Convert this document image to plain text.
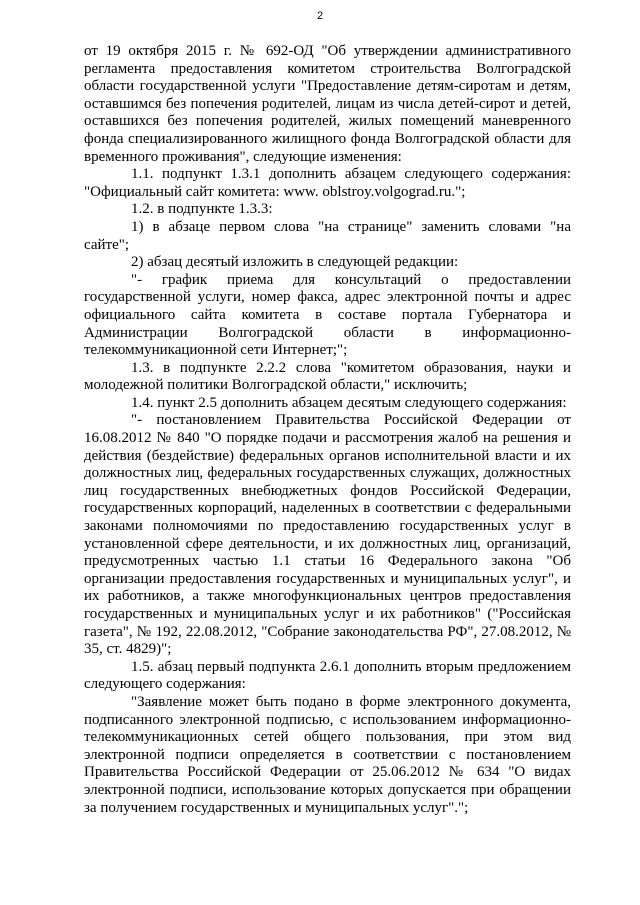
2

от 19 октября 2015 г. № 692-ОД "Об утверждении административного регламента предоставления комитетом строительства Волгоградской области государственной услуги "Предоставление детям-сиротам и детям, оставшимся без попечения родителей, лицам из числа детей-сирот и детей, оставшихся без попечения родителей, жилых помещений маневренного фонда специализированного жилищного фонда Волгоградской области для временного проживания", следующие изменения:

1.1. подпункт 1.3.1 дополнить абзацем следующего содержания: "Официальный сайт комитета: www. oblstroy.volgograd.ru.";

1.2. в подпункте 1.3.3:

1) в абзаце первом слова "на странице" заменить словами "на сайте";

2) абзац десятый изложить в следующей редакции:

"- график приема для консультаций о предоставлении государственной услуги, номер факса, адрес электронной почты и адрес официального сайта комитета в составе портала Губернатора и Администрации Волгоградской области в информационно-телекоммуникационной сети Интернет;";

1.3. в подпункте 2.2.2 слова "комитетом образования, науки и молодежной политики Волгоградской области," исключить;

1.4. пункт 2.5 дополнить абзацем десятым следующего содержания:

"- постановлением Правительства Российской Федерации от 16.08.2012 № 840 "О порядке подачи и рассмотрения жалоб на решения и действия (бездействие) федеральных органов исполнительной власти и их должностных лиц, федеральных государственных служащих, должностных лиц государственных внебюджетных фондов Российской Федерации, государственных корпораций, наделенных в соответствии с федеральными законами полномочиями по предоставлению государственных услуг в установленной сфере деятельности, и их должностных лиц, организаций, предусмотренных частью 1.1 статьи 16 Федерального закона "Об организации предоставления государственных и муниципальных услуг", и их работников, а также многофункциональных центров предоставления государственных и муниципальных услуг и их работников" ("Российская газета", № 192, 22.08.2012, "Собрание законодательства РФ", 27.08.2012, № 35, ст. 4829)";

1.5. абзац первый подпункта 2.6.1 дополнить вторым предложением следующего содержания:

"Заявление может быть подано в форме электронного документа, подписанного электронной подписью, с использованием информационно-телекоммуникационных сетей общего пользования, при этом вид электронной подписи определяется в соответствии с постановлением Правительства Российской Федерации от 25.06.2012 № 634 "О видах электронной подписи, использование которых допускается при обращении за получением государственных и муниципальных услуг".";
